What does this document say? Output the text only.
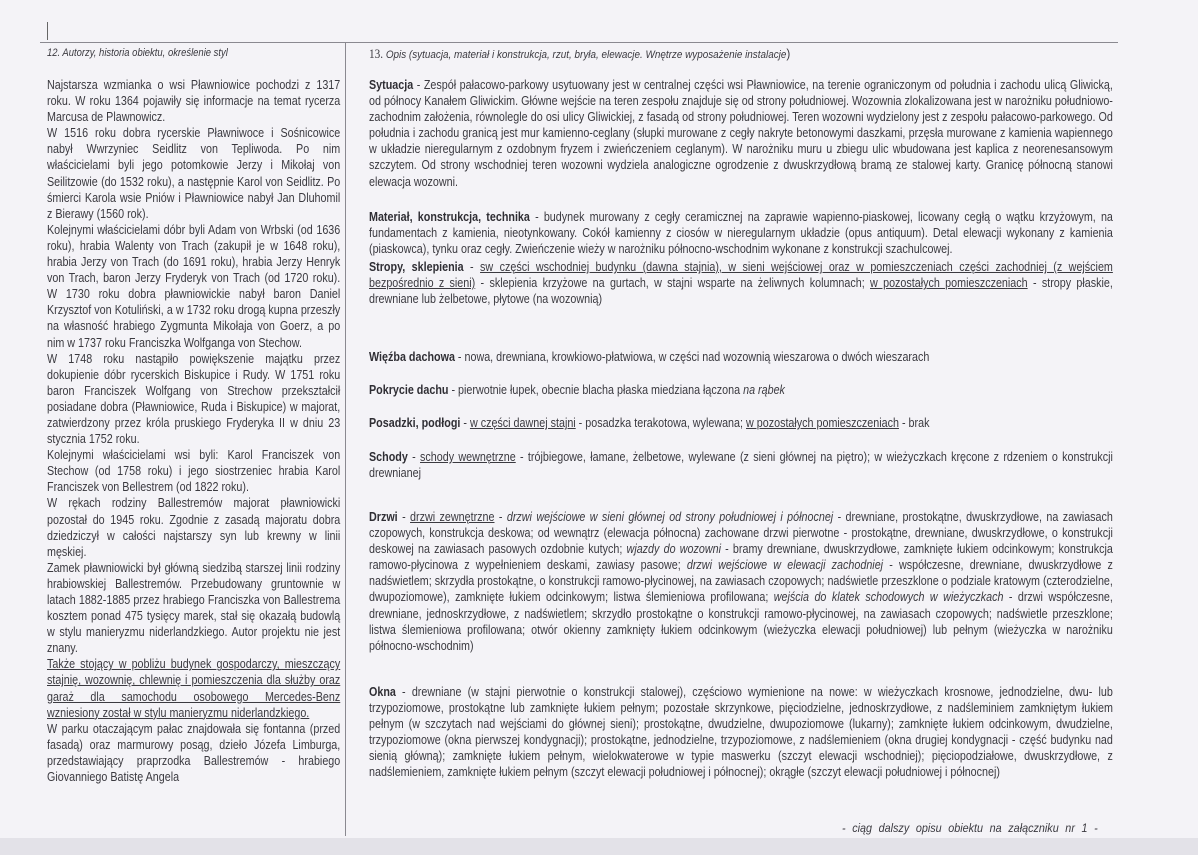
12. Autorzy, historia obiektu, określenie styl

Najstarsza wzmianka o wsi Pławniowice pochodzi z 1317 roku. W roku 1364 pojawiły się informacje na temat rycerza Marcusa de Plawnowicz.

W 1516 roku dobra rycerskie Pławniwoce i Sośnicowice nabył Wwrzyniec Seidlitz von Tepliwoda. Po nim właścicielami byli jego potomkowie Jerzy i Mikołaj von Seilitzowie (do 1532 roku), a następnie Karol von Seidlitz. Po śmierci Karola wsie Pniów i Pławniowice nabył Jan Dluhomil z Bierawy (1560 rok).

Kolejnymi właścicielami dóbr byli Adam von Wrbski (od 1636 roku), hrabia Walenty von Trach (zakupił je w 1648 roku), hrabia Jerzy von Trach (do 1691 roku), hrabia Jerzy Henryk von Trach, baron Jerzy Fryderyk von Trach (od 1720 roku). W 1730 roku dobra pławniowickie nabył baron Daniel Krzysztof von Kotuliński, a w 1732 roku drogą kupna przeszły na własność hrabiego Zygmunta Mikołaja von Goerz, a po nim w 1737 roku Franciszka Wolfganga von Stechow.

W 1748 roku nastąpiło powiększenie majątku przez dokupienie dóbr rycerskich Biskupice i Rudy. W 1751 roku baron Franciszek Wolfgang von Strechow przekształcił posiadane dobra (Pławniowice, Ruda i Biskupice) w majorat, zatwierdzony przez króla pruskiego Fryderyka II w dniu 23 stycznia 1752 roku.

Kolejnymi właścicielami wsi byli: Karol Franciszek von Stechow (od 1758 roku) i jego siostrzeniec hrabia Karol Franciszek von Bellestrem (od 1822 roku).

W rękach rodziny Ballestremów majorat pławniowicki pozostał do 1945 roku. Zgodnie z zasadą majoratu dobra dziedziczył w całości najstarszy syn lub krewny w linii męskiej.

Zamek pławniowicki był główną siedzibą starszej linii rodziny hrabiowskiej Ballestremów. Przebudowany gruntownie w latach 1882-1885 przez hrabiego Franciszka von Ballestrema kosztem ponad 475 tysięcy marek, stał się okazałą budowlą w stylu manieryzmu niderlandzkiego. Autor projektu nie jest znany.

Także stojący w pobliżu budynek gospodarczy, mieszczący stajnię, wozownię, chlewnię i pomieszczenia dla służby oraz garaż dla samochodu osobowego Mercedes-Benz wzniesiony został w stylu manieryzmu niderlandzkiego.

W parku otaczającym pałac znajdowała się fontanna (przed fasadą) oraz marmurowy posąg, dzieło Józefa Limburga, przedstawiający praprzodka Ballestremów - hrabiego Giovanniego Batistę Angela

13. Opis (sytuacja, materiał i konstrukcja, rzut, bryła, elewacje. Wnętrze wyposażenie instalacje)
Sytuacja - Zespół pałacowo-parkowy usytuowany jest w centralnej części wsi Pławniowice, na terenie ograniczonym od południa i zachodu ulicą Gliwicką, od północy Kanałem Gliwickim. Główne wejście na teren zespołu znajduje się od strony południowej. Wozownia zlokalizowana jest w narożniku południowo-zachodnim założenia, równolegle do osi ulicy Gliwickiej, z fasadą od strony południowej. Teren wozowni wydzielony jest z zespołu pałacowo-parkowego. Od południa i zachodu granicą jest mur kamienno-ceglany (słupki murowane z cegły nakryte betonowymi daszkami, przęsła murowane z kamienia wapiennego w układzie nieregularnym z ozdobnym fryzem i zwieńczeniem ceglanym). W narożniku muru u zbiegu ulic wbudowana jest kaplica z neorenesansowym szczytem. Od strony wschodniej teren wozowni wydziela analogiczne ogrodzenie z dwuskrzydłową bramą ze stalowej karty. Granicę północną stanowi elewacja wozowni.
Materiał, konstrukcja, technika - budynek murowany z cegły ceramicznej na zaprawie wapienno-piaskowej, licowany cegłą o wątku krzyżowym, na fundamentach z kamienia, nieotynkowany. Cokół kamienny z ciosów w nieregularnym układzie (opus antiquum). Detal elewacji wykonany z kamienia (piaskowca), tynku oraz cegły. Zwieńczenie wieży w narożniku północno-wschodnim wykonane z konstrukcji szachulcowej.
Stropy, sklepienia - sw części wschodniej budynku (dawna stajnia), w sieni wejściowej oraz w pomieszczeniach części zachodniej (z wejściem bezpośrednio z sieni) - sklepienia krzyżowe na gurtach, w stajni wsparte na żeliwnych kolumnach; w pozostałych pomieszczeniach - stropy płaskie, drewniane lub żelbetowe, płytowe (na wozownią)
Więźba dachowa - nowa, drewniana, krowkiowo-płatwiowa, w części nad wozownią wieszarowa o dwóch wieszarach
Pokrycie dachu - pierwotnie łupek, obecnie blacha płaska miedziana łączona na rąbek
Posadzki, podłogi - w części dawnej stajni - posadzka terakotowa, wylewana; w pozostałych pomieszczeniach - brak
Schody - schody wewnętrzne - trójbiegowe, łamane, żelbetowe, wylewane (z sieni głównej na piętro); w wieżyczkach kręcone z rdzeniem o konstrukcji drewnianej
Drzwi - drzwi zewnętrzne - drzwi wejściowe w sieni głównej od strony południowej i północnej - drewniane, prostokątne, dwuskrzydłowe, na zawiasach czopowych, konstrukcja deskowa; od wewnątrz (elewacja północna) zachowane drzwi pierwotne - prostokątne, drewniane, dwuskrzydłowe, o konstrukcji deskowej na zawiasach pasowych ozdobnie kutych; wjazdy do wozowni - bramy drewniane, dwuskrzydłowe, zamknięte łukiem odcinkowym; konstrukcja ramowo-płycinowa z wypełnieniem deskami, zawiasy pasowe; drzwi wejściowe w elewacji zachodniej - współczesne, drewniane, dwuskrzydłowe z nadświetlem; skrzydła prostokątne, o konstrukcji ramowo-płycinowej, na zawiasach czopowych; nadświetle przeszklone o podziale kratowym (czterodzielne, dwupoziomowe), zamknięte łukiem odcinkowym; listwa ślemieniowa profilowana; wejścia do klatek schodowych w wieżyczkach - drzwi współczesne, drewniane, jednoskrzydłowe, z nadświetlem; skrzydło prostokątne o konstrukcji ramowo-płycinowej, na zawiasach czopowych; nadświetle przeszklone; listwa ślemieniowa profilowana; otwór okienny zamknięty łukiem odcinkowym (wieżyczka elewacji południowej) lub pełnym (wieżyczka w narożniku północno-wschodnim)
Okna - drewniane (w stajni pierwotnie o konstrukcji stalowej), częściowo wymienione na nowe: w wieżyczkach krosnowe, jednodzielne, dwu- lub trzypoziomowe, prostokątne lub zamknięte łukiem pełnym; pozostałe skrzynkowe, pięciodzielne, jednoskrzydłowe, z nadśleminiem zamkniętym łukiem pełnym (w szczytach nad wejściami do głównej sieni); prostokątne, dwudzielne, dwupoziomowe (lukarny); zamknięte łukiem odcinkowym, dwudzielne, trzypoziomowe (okna pierwszej kondygnacji); prostokątne, jednodzielne, trzypoziomowe, z nadślemieniem (okna drugiej kondygnacji - część budynku nad sienią główną); zamknięte łukiem pełnym, wielokwaterowe w typie maswerku (szczyt elewacji wschodniej); pięciopodziałowe, dwuskrzydłowe, z nadślemieniem, zamknięte łukiem pełnym (szczyt elewacji południowej i północnej); okrągłe (szczyt elewacji południowej i północnej)
- ciąg dalszy opisu obiektu na załączniku nr 1 -
